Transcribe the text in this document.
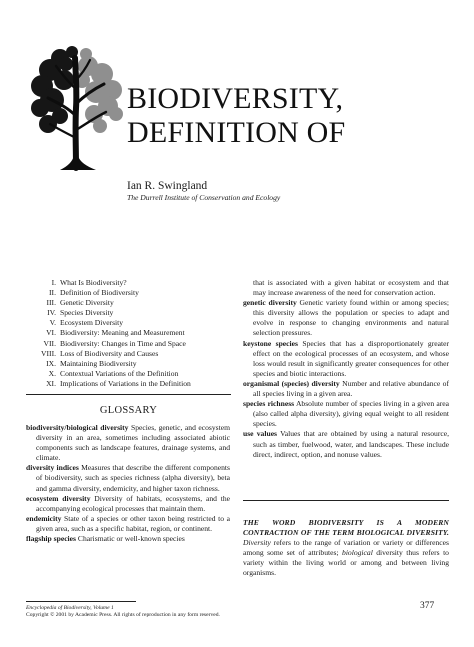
BIODIVERSITY,
DEFINITION OF
Ian R. Swingland
The Durrell Institute of Conservation and Ecology
I. What Is Biodiversity?
II. Definition of Biodiversity
III. Genetic Diversity
IV. Species Diversity
V. Ecosystem Diversity
VI. Biodiversity: Meaning and Measurement
VII. Biodiversity: Changes in Time and Space
VIII. Loss of Biodiversity and Causes
IX. Maintaining Biodiversity
X. Contextual Variations of the Definition
XI. Implications of Variations in the Definition
GLOSSARY
biodiversity/biological diversity Species, genetic, and ecosystem diversity in an area, sometimes including associated abiotic components such as landscape features, drainage systems, and climate.
diversity indices Measures that describe the different components of biodiversity, such as species richness (alpha diversity), beta and gamma diversity, endemicity, and higher taxon richness.
ecosystem diversity Diversity of habitats, ecosystems, and the accompanying ecological processes that maintain them.
endemicity State of a species or other taxon being restricted to a given area, such as a specific habitat, region, or continent.
flagship species Charismatic or well-known species
that is associated with a given habitat or ecosystem and that may increase awareness of the need for conservation action.
genetic diversity Genetic variety found within or among species; this diversity allows the population or species to adapt and evolve in response to changing environments and natural selection pressures.
keystone species Species that has a disproportionately greater effect on the ecological processes of an ecosystem, and whose loss would result in significantly greater consequences for other species and biotic interactions.
organismal (species) diversity Number and relative abundance of all species living in a given area.
species richness Absolute number of species living in a given area (also called alpha diversity), giving equal weight to all resident species.
use values Values that are obtained by using a natural resource, such as timber, fuelwood, water, and landscapes. These include direct, indirect, option, and nonuse values.
THE WORD BIODIVERSITY IS A MODERN CONTRACTION OF THE TERM BIOLOGICAL DIVERSITY. Diversity refers to the range of variation or variety or differences among some set of attributes; biological diversity thus refers to variety within the living world or among and between living organisms.
Encyclopedia of Biodiversity, Volume 1
Copyright © 2001 by Academic Press. All rights of reproduction in any form reserved.
377
